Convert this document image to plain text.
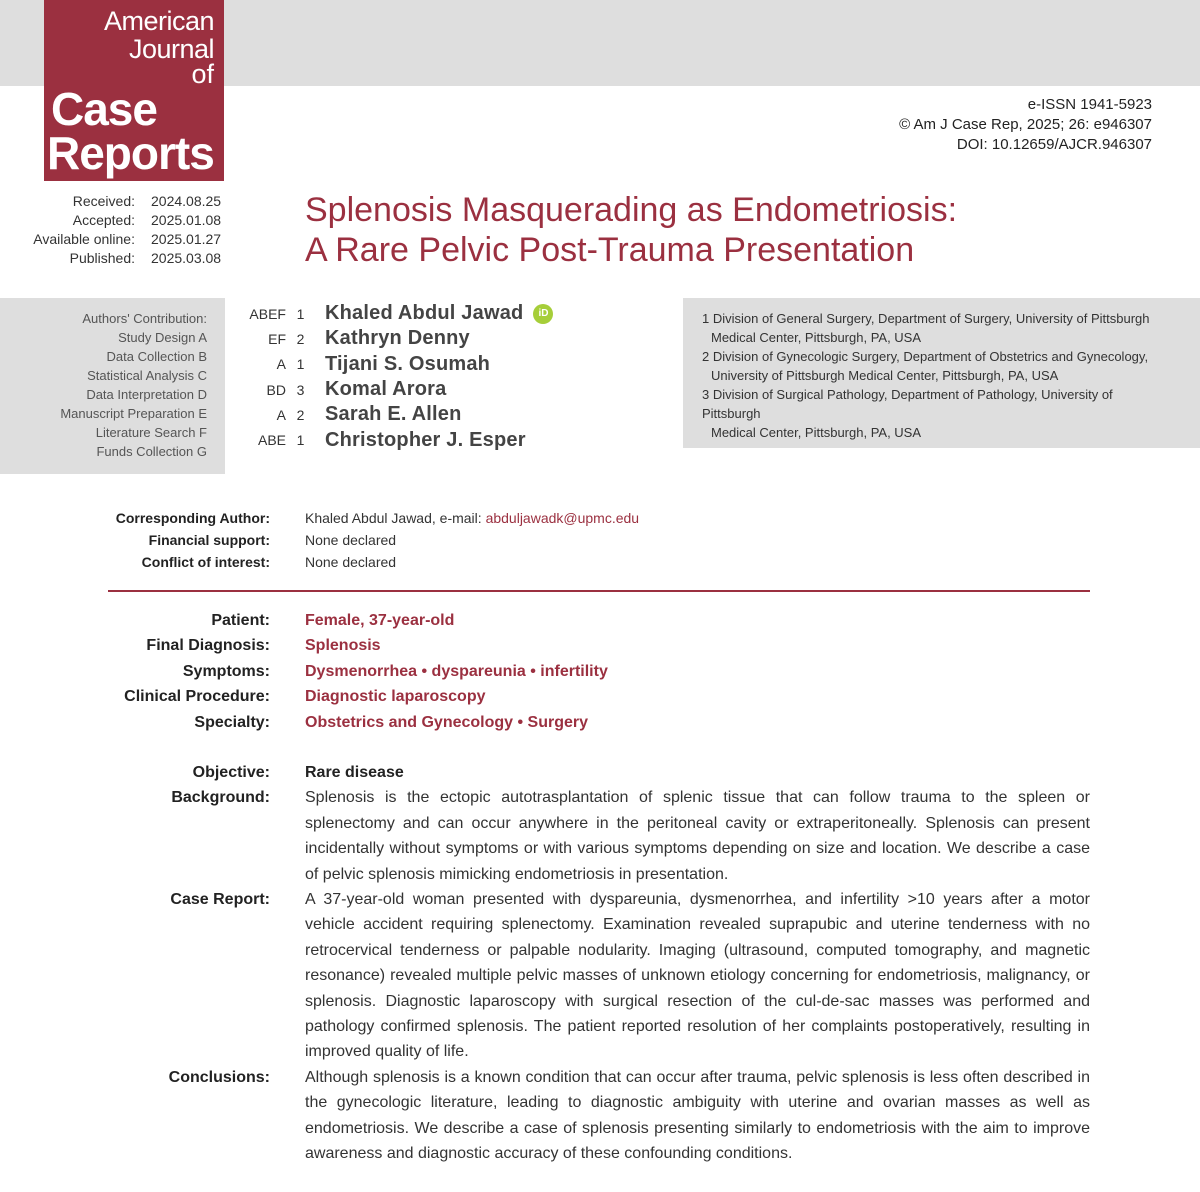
American
Journal
of
Case
Reports
e-ISSN 1941-5923
© Am J Case Rep, 2025; 26: e946307
DOI: 10.12659/AJCR.946307
Received: 2024.08.25
Accepted: 2025.01.08
Available online: 2025.01.27
Published: 2025.03.08
Splenosis Masquerading as Endometriosis:
A Rare Pelvic Post-Trauma Presentation
Authors' Contribution:
Study Design A
Data Collection B
Statistical Analysis C
Data Interpretation D
Manuscript Preparation E
Literature Search F
Funds Collection G
ABEF 1 Khaled Abdul Jawad	iD
EF 2 Kathryn Denny
A 1 Tijani S. Osumah
BD 3 Komal Arora
A 2 Sarah E. Allen
ABE 1 Christopher J. Esper
1 Division of General Surgery, Department of Surgery, University of Pittsburgh
Medical Center, Pittsburgh, PA, USA
2 Division of Gynecologic Surgery, Department of Obstetrics and Gynecology,
University of Pittsburgh Medical Center, Pittsburgh, PA, USA
3 Division of Surgical Pathology, Department of Pathology, University of Pittsburgh
Medical Center, Pittsburgh, PA, USA
Corresponding Author:	Khaled Abdul Jawad, e-mail: abduljawadk@upmc.edu
Financial support:	None declared
Conflict of interest:	None declared
Patient: Female, 37-year-old
Final Diagnosis: Splenosis
Symptoms: Dysmenorrhea • dyspareunia • infertility
Clinical Procedure: Diagnostic laparoscopy
Specialty: Obstetrics and Gynecology • Surgery
Objective: Rare disease
Background: Splenosis is the ectopic autotrasplantation of splenic tissue that can follow trauma to the spleen or splenectomy and can occur anywhere in the peritoneal cavity or extraperitoneally. Splenosis can present incidentally without symptoms or with various symptoms depending on size and location. We describe a case of pelvic splenosis mimicking endometriosis in presentation.
Case Report: A 37-year-old woman presented with dyspareunia, dysmenorrhea, and infertility >10 years after a motor vehicle accident requiring splenectomy. Examination revealed suprapubic and uterine tenderness with no retrocervical tenderness or palpable nodularity. Imaging (ultrasound, computed tomography, and magnetic resonance) revealed multiple pelvic masses of unknown etiology concerning for endometriosis, malignancy, or splenosis. Diagnostic laparoscopy with surgical resection of the cul-de-sac masses was performed and pathology confirmed splenosis. The patient reported resolution of her complaints postoperatively, resulting in improved quality of life.
Conclusions: Although splenosis is a known condition that can occur after trauma, pelvic splenosis is less often described in the gynecologic literature, leading to diagnostic ambiguity with uterine and ovarian masses as well as endometriosis. We describe a case of splenosis presenting similarly to endometriosis with the aim to improve awareness and diagnostic accuracy of these confounding conditions.
